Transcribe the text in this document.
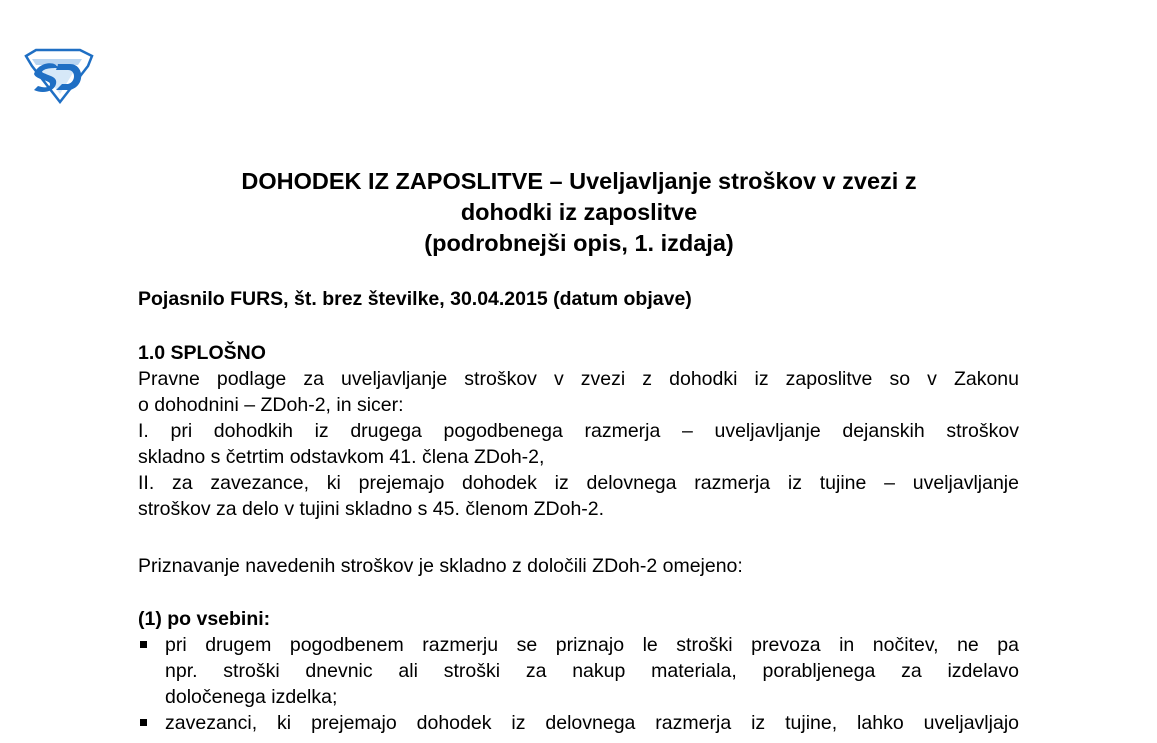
DOHODEK IZ ZAPOSLITVE – Uveljavljanje stroškov v zvezi z
dohodki iz zaposlitve
(podrobnejši opis, 1. izdaja)

Pojasnilo FURS, št. brez številke, 30.04.2015 (datum objave)

1.0 SPLOŠNO
Pravne podlage za uveljavljanje stroškov v zvezi z dohodki iz zaposlitve so v Zakonu
o dohodnini – ZDoh-2, in sicer:
I. pri dohodkih iz drugega pogodbenega razmerja – uveljavljanje dejanskih stroškov
skladno s četrtim odstavkom 41. člena ZDoh-2,
II. za zavezance, ki prejemajo dohodek iz delovnega razmerja iz tujine – uveljavljanje
stroškov za delo v tujini skladno s 45. členom ZDoh-2.
Priznavanje navedenih stroškov je skladno z določili ZDoh-2 omejeno:
(1) po vsebini:
pri drugem pogodbenem razmerju se priznajo le stroški prevoza in nočitev, ne pa
npr. stroški dnevnic ali stroški za nakup materiala, porabljenega za izdelavo
določenega izdelka;
zavezanci, ki prejemajo dohodek iz delovnega razmerja iz tujine, lahko uveljavljajo
